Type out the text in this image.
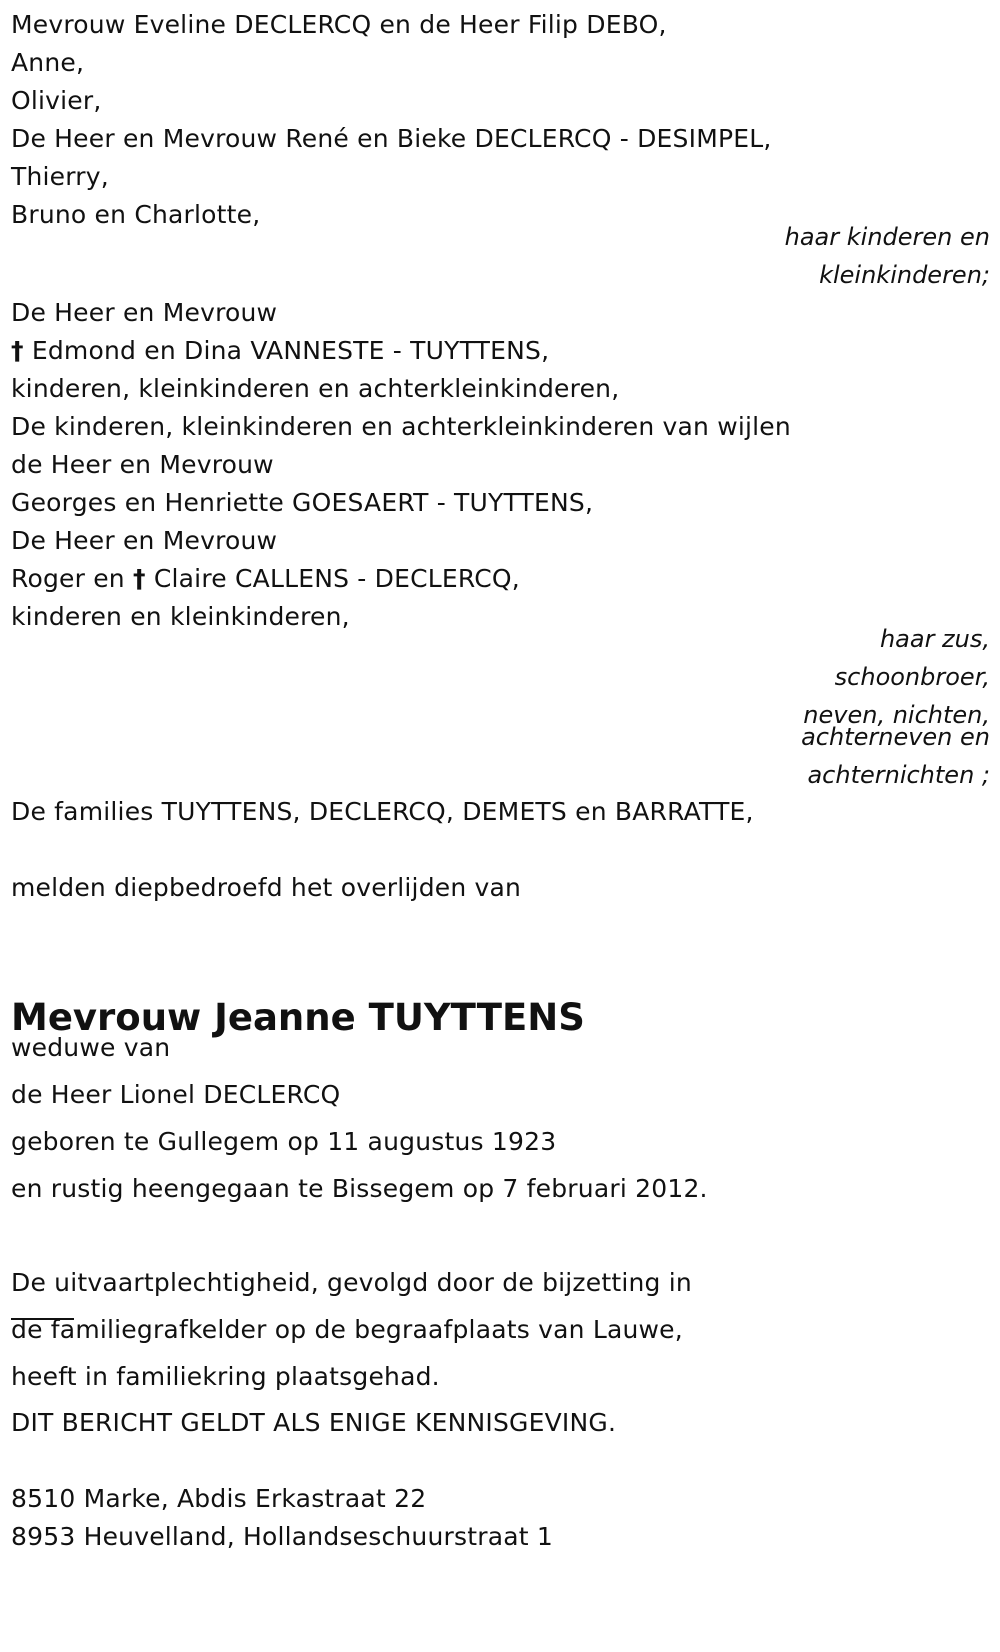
Mevrouw Eveline DECLERCQ en de Heer Filip DEBO,
Anne,
Olivier,
De Heer en Mevrouw René en Bieke DECLERCQ - DESIMPEL,
Thierry,
Bruno en Charlotte,
haar kinderen en
kleinkinderen;
De Heer en Mevrouw
† Edmond en Dina VANNESTE - TUYTTENS,
kinderen, kleinkinderen en achterkleinkinderen,
De kinderen, kleinkinderen en achterkleinkinderen van wijlen
de Heer en Mevrouw
Georges en Henriette GOESAERT - TUYTTENS,
De Heer en Mevrouw
Roger en † Claire CALLENS - DECLERCQ,
kinderen en kleinkinderen,
haar zus,
schoonbroer,
neven, nichten,
achterneven en
achternichten ;
De families TUYTTENS, DECLERCQ, DEMETS en BARRATTE,
melden diepbedroefd het overlijden van
Mevrouw Jeanne TUYTTENS
weduwe van
de Heer Lionel DECLERCQ
geboren te Gullegem op 11 augustus 1923
en rustig heengegaan te Bissegem op 7 februari 2012.
De uitvaartplechtigheid, gevolgd door de bijzetting in
de familiegrafkelder op de begraafplaats van Lauwe,
heeft in familiekring plaatsgehad.
DIT BERICHT GELDT ALS ENIGE KENNISGEVING.
8510 Marke, Abdis Erkastraat 22
8953 Heuvelland, Hollandseschuurstraat 1
